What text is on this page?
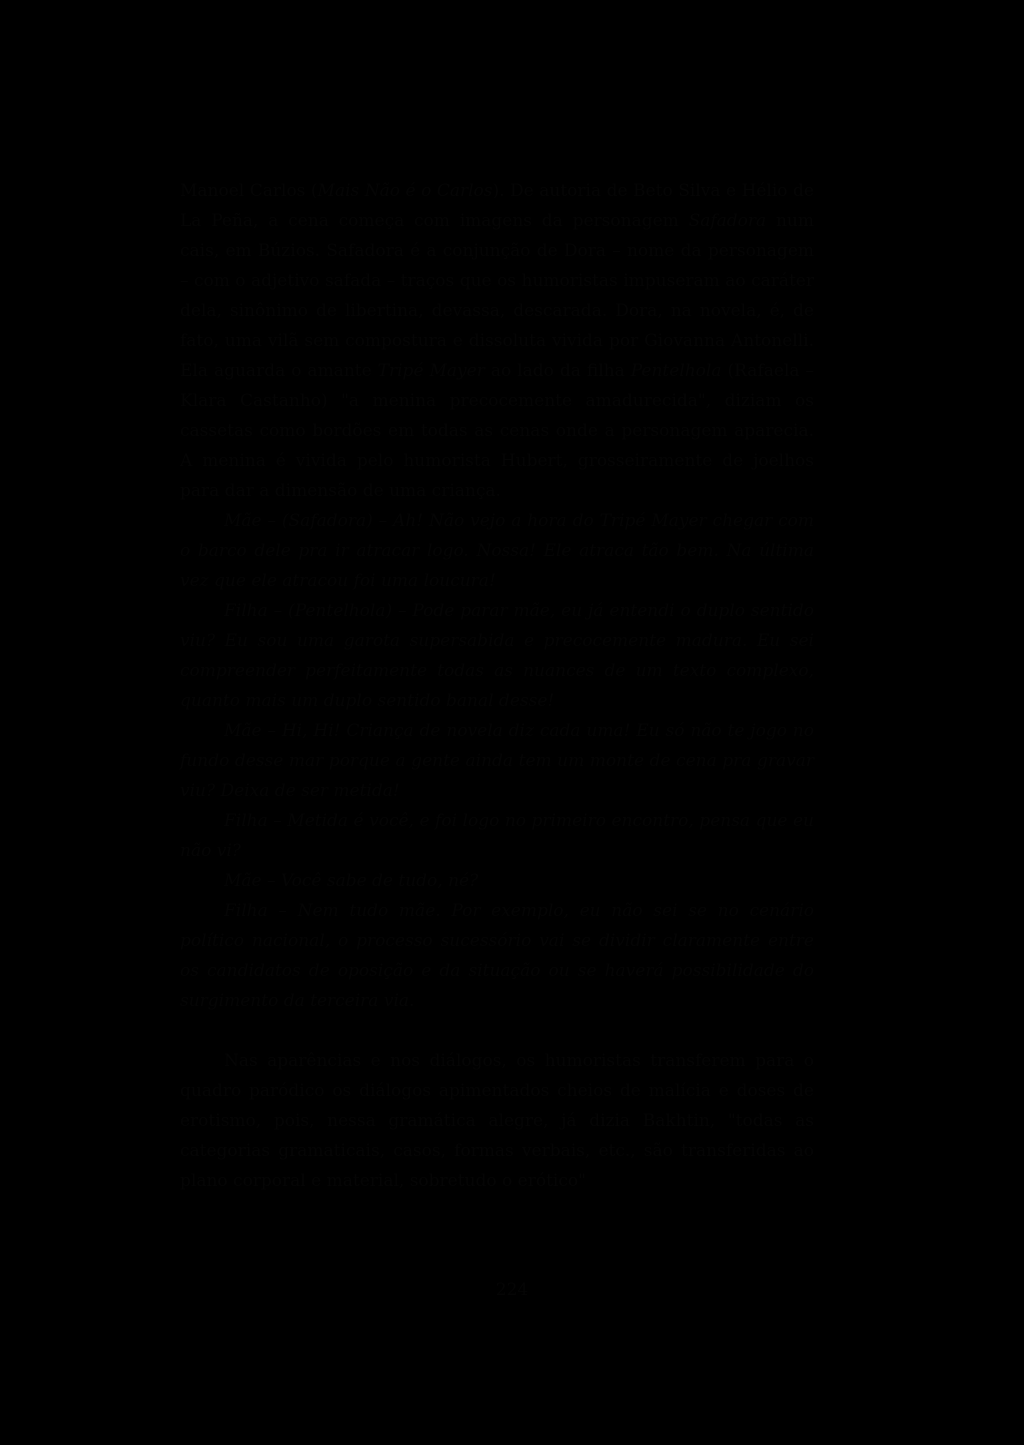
Manoel Carlos (Mais Não é o Carlos). De autoria de Beto Silva e Hélio de La Peña, a cena começa com imagens da personagem Safadora num cais, em Búzios. Safadora é a conjunção de Dora – nome da personagem – com o adjetivo safada – traços que os humoristas impuseram ao caráter dela, sinônimo de libertina, devassa, descarada. Dora, na novela, é, de fato, uma vilã sem compostura e dissoluta vivida por Giovanna Antonelli. Ela aguarda o amante Tripé Mayer ao lado da filha Pentelhola (Rafaela – Klara Castanho) "a menina precocemente amadurecida", diziam os cassetas como bordões em todas as cenas onde a personagem aparecia. A menina é vivida pelo humorista Hubert, grosseiramente de joelhos para dar a dimensão de uma criança.

Mãe – (Safadora) – Ah! Não vejo a hora do Tripé Mayer chegar com o barco dele pra ir atracar logo. Nossa! Ele atraca tão bem. Na última vez que ele atracou foi uma loucura!

Filha – (Pentelhola) – Pode parar mãe, eu já entendi o duplo sentido viu? Eu sou uma garota supersabida e precocemente madura. Eu sei compreender perfeitamente todas as nuances de um texto complexo, quanto mais um duplo sentido banal desse!

Mãe – Hi, Hi! Criança de novela diz cada uma! Eu só não te jogo no fundo desse mar porque a gente ainda tem um monte de cena pra gravar viu? Deixa de ser metida!

Filha – Metida é você, e foi logo no primeiro encontro, pensa que eu não vi?

Mãe – Você sabe de tudo, né?

Filha – Nem tudo mãe. Por exemplo, eu não sei se no cenário político nacional, o processo sucessório vai se dividir claramente entre os candidatos de oposição e da situação ou se haverá possibilidade do surgimento da terceira via.

Nas aparências e nos diálogos, os humoristas transferem para o quadro paródico os diálogos apimentados cheios de malícia e doses de erotismo, pois, nessa gramática alegre, já dizia Bakhtin, "todas as categorias gramaticais, casos, formas verbais, etc., são transferidas ao plano corporal e material, sobretudo o erótico"

224
